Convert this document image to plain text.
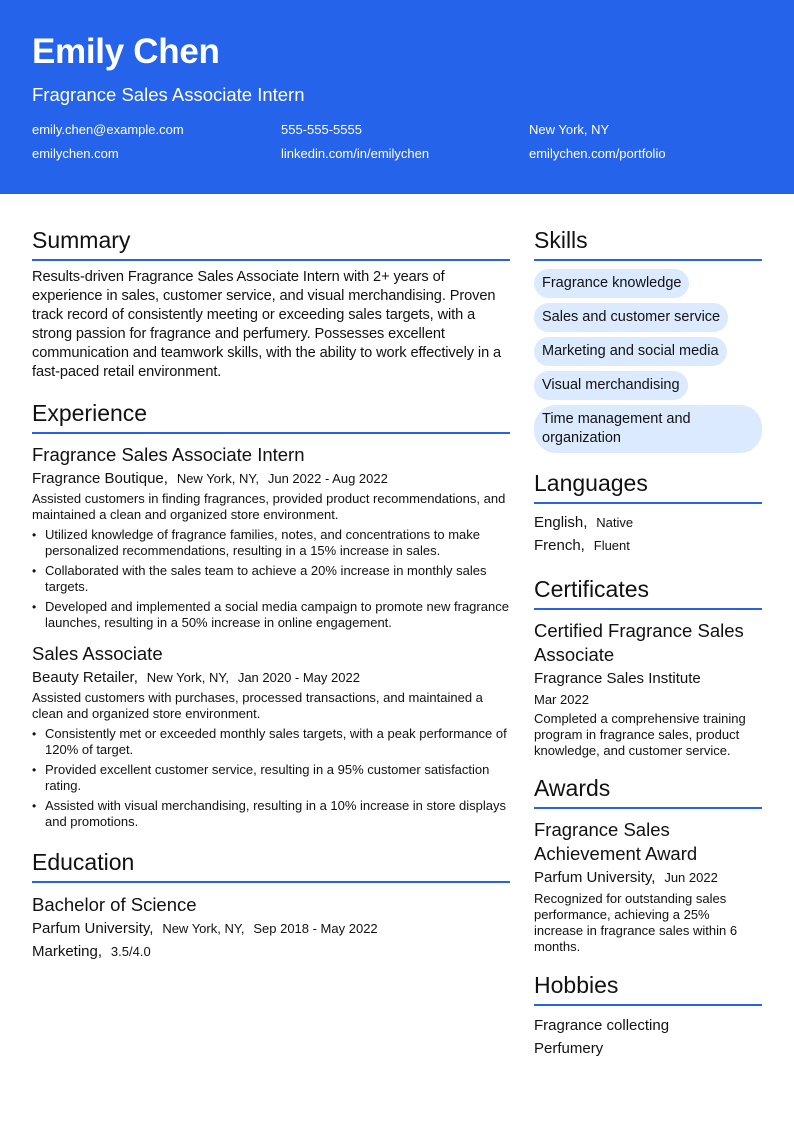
Emily Chen
Fragrance Sales Associate Intern
emily.chen@example.com	555-555-5555	New York, NY
emilychen.com	linkedin.com/in/emilychen	emilychen.com/portfolio
Summary
Results-driven Fragrance Sales Associate Intern with 2+ years of experience in sales, customer service, and visual merchandising. Proven track record of consistently meeting or exceeding sales targets, with a strong passion for fragrance and perfumery. Possesses excellent communication and teamwork skills, with the ability to work effectively in a fast-paced retail environment.
Experience
Fragrance Sales Associate Intern
Fragrance Boutique, New York, NY, Jun 2022 - Aug 2022
Assisted customers in finding fragrances, provided product recommendations, and maintained a clean and organized store environment.
• Utilized knowledge of fragrance families, notes, and concentrations to make personalized recommendations, resulting in a 15% increase in sales.
• Collaborated with the sales team to achieve a 20% increase in monthly sales targets.
• Developed and implemented a social media campaign to promote new fragrance launches, resulting in a 50% increase in online engagement.
Sales Associate
Beauty Retailer, New York, NY, Jan 2020 - May 2022
Assisted customers with purchases, processed transactions, and maintained a clean and organized store environment.
• Consistently met or exceeded monthly sales targets, with a peak performance of 120% of target.
• Provided excellent customer service, resulting in a 95% customer satisfaction rating.
• Assisted with visual merchandising, resulting in a 10% increase in store displays and promotions.
Education
Bachelor of Science
Parfum University, New York, NY, Sep 2018 - May 2022
Marketing, 3.5/4.0
Skills
Fragrance knowledge
Sales and customer service
Marketing and social media
Visual merchandising
Time management and organization
Languages
English, Native
French, Fluent
Certificates
Certified Fragrance Sales Associate
Fragrance Sales Institute
Mar 2022
Completed a comprehensive training program in fragrance sales, product knowledge, and customer service.
Awards
Fragrance Sales Achievement Award
Parfum University, Jun 2022
Recognized for outstanding sales performance, achieving a 25% increase in fragrance sales within 6 months.
Hobbies
Fragrance collecting
Perfumery
